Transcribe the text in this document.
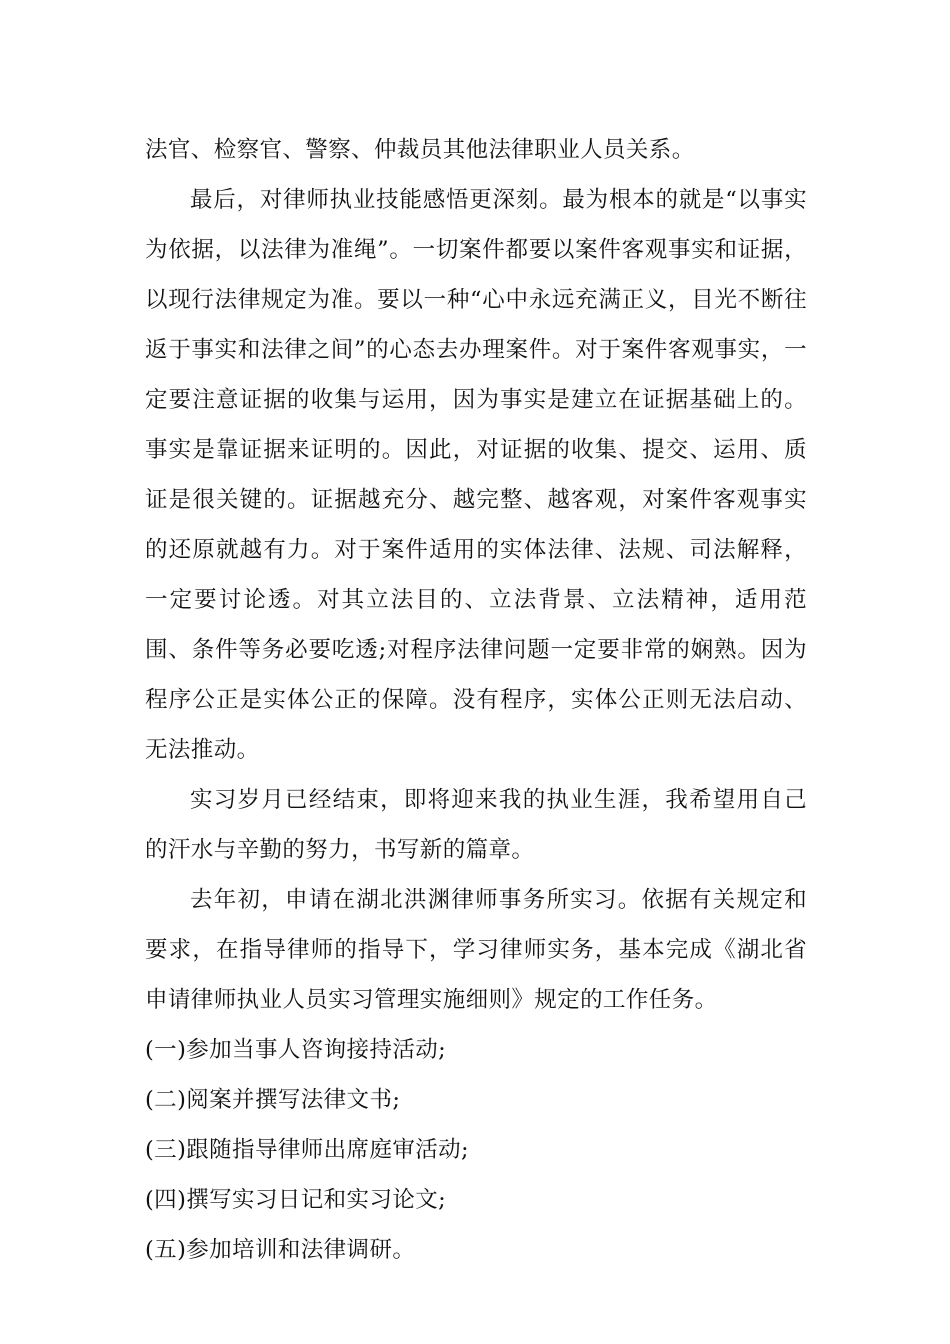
法官、检察官、警察、仲裁员其他法律职业人员关系。

最后，对律师执业技能感悟更深刻。最为根本的就是“以事实为依据，以法律为准绳”。一切案件都要以案件客观事实和证据，以现行法律规定为准。要以一种“心中永远充满正义，目光不断往返于事实和法律之间”的心态去办理案件。对于案件客观事实，一定要注意证据的收集与运用，因为事实是建立在证据基础上的。事实是靠证据来证明的。因此，对证据的收集、提交、运用、质证是很关键的。证据越充分、越完整、越客观，对案件客观事实的还原就越有力。对于案件适用的实体法律、法规、司法解释，一定要讨论透。对其立法目的、立法背景、立法精神，适用范围、条件等务必要吃透;对程序法律问题一定要非常的娴熟。因为程序公正是实体公正的保障。没有程序，实体公正则无法启动、无法推动。

实习岁月已经结束，即将迎来我的执业生涯，我希望用自己的汗水与辛勤的努力，书写新的篇章。

去年初，申请在湖北洪渊律师事务所实习。依据有关规定和要求，在指导律师的指导下，学习律师实务，基本完成《湖北省申请律师执业人员实习管理实施细则》规定的工作任务。

(一)参加当事人咨询接持活动;

(二)阅案并撰写法律文书;

(三)跟随指导律师出席庭审活动;

(四)撰写实习日记和实习论文;

(五)参加培训和法律调研。
